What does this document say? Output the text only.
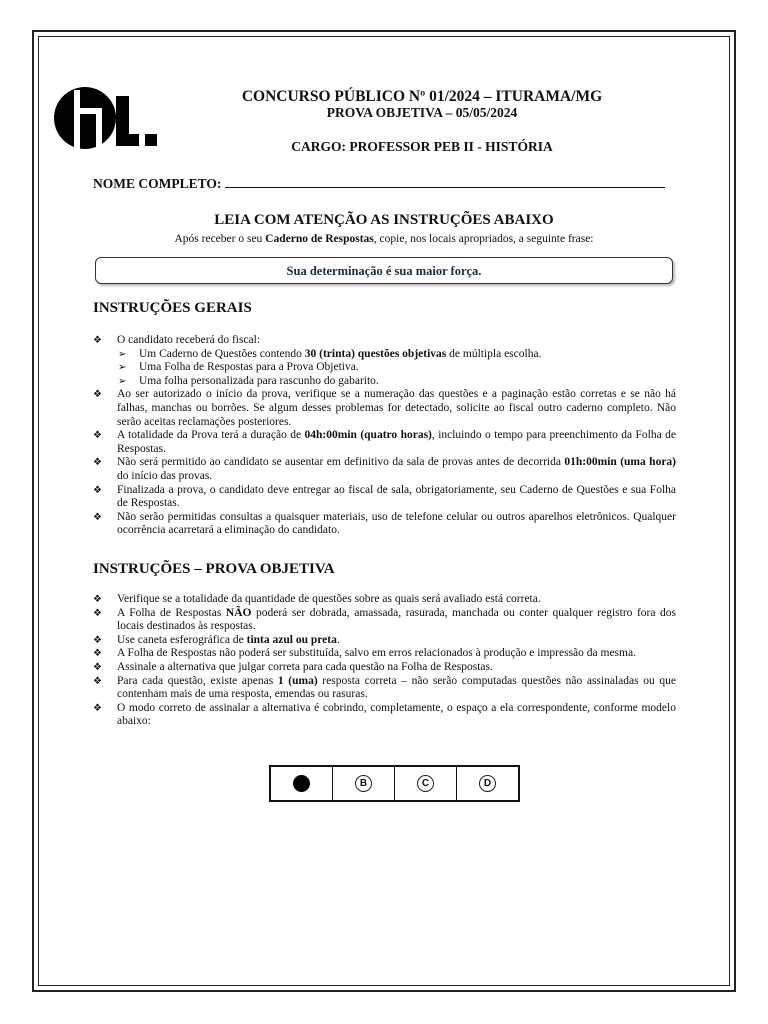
CONCURSO PÚBLICO Nº 01/2024 – ITURAMA/MG
PROVA OBJETIVA – 05/05/2024
CARGO: PROFESSOR PEB II - HISTÓRIA
NOME COMPLETO:
LEIA COM ATENÇÃO AS INSTRUÇÕES ABAIXO
Após receber o seu Caderno de Respostas, copie, nos locais apropriados, a seguinte frase:
Sua determinação é sua maior força.
INSTRUÇÕES GERAIS
❖ O candidato receberá do fiscal:
➢ Um Caderno de Questões contendo 30 (trinta) questões objetivas de múltipla escolha.
➢ Uma Folha de Respostas para a Prova Objetiva.
➢ Uma folha personalizada para rascunho do gabarito.
❖ Ao ser autorizado o início da prova, verifique se a numeração das questões e a paginação estão corretas e se não há falhas, manchas ou borrões. Se algum desses problemas for detectado, solicite ao fiscal outro caderno completo. Não serão aceitas reclamações posteriores.
❖ A totalidade da Prova terá a duração de 04h:00min (quatro horas), incluindo o tempo para preenchimento da Folha de Respostas.
❖ Não será permitido ao candidato se ausentar em definitivo da sala de provas antes de decorrida 01h:00min (uma hora) do início das provas.
❖ Finalizada a prova, o candidato deve entregar ao fiscal de sala, obrigatoriamente, seu Caderno de Questões e sua Folha de Respostas.
❖ Não serão permitidas consultas a quaisquer materiais, uso de telefone celular ou outros aparelhos eletrônicos. Qualquer ocorrência acarretará a eliminação do candidato.
INSTRUÇÕES – PROVA OBJETIVA
❖ Verifique se a totalidade da quantidade de questões sobre as quais será avaliado está correta.
❖ A Folha de Respostas NÃO poderá ser dobrada, amassada, rasurada, manchada ou conter qualquer registro fora dos locais destinados às respostas.
❖ Use caneta esferográfica de tinta azul ou preta.
❖ A Folha de Respostas não poderá ser substituída, salvo em erros relacionados à produção e impressão da mesma.
❖ Assinale a alternativa que julgar correta para cada questão na Folha de Respostas.
❖ Para cada questão, existe apenas 1 (uma) resposta correta – não serão computadas questões não assinaladas ou que contenham mais de uma resposta, emendas ou rasuras.
❖ O modo correto de assinalar a alternativa é cobrindo, completamente, o espaço a ela correspondente, conforme modelo abaixo:
B	C	D
